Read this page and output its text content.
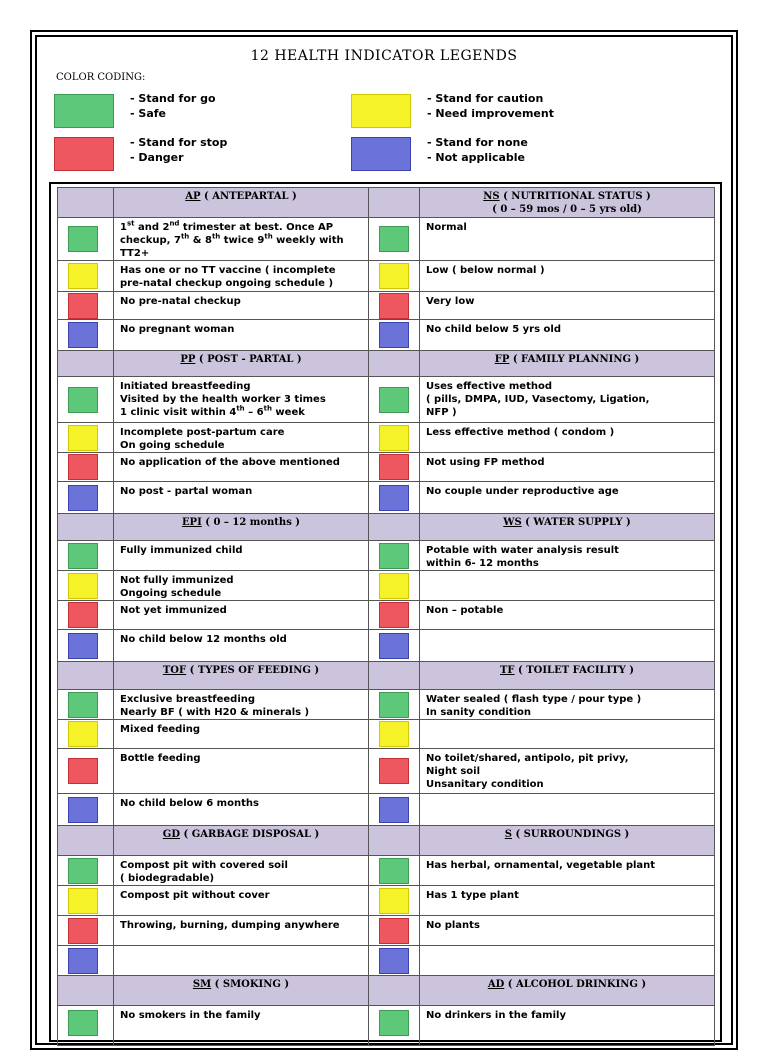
12 HEALTH INDICATOR LEGENDS
COLOR CODING:
- Stand for go
- Safe
- Stand for caution
- Need improvement
- Stand for stop
- Danger
- Stand for none
- Not applicable
	AP ( ANTEPARTAL )		NS ( NUTRITIONAL STATUS )
( 0 – 59 mos / 0 – 5 yrs old)

	1st and 2nd trimester at best. Once AP
checkup, 7th & 8th twice 9th weekly with TT2+		Normal

	Has one or no TT vaccine ( incomplete
pre-natal checkup ongoing schedule )		Low ( below normal )

	No pre-natal checkup		Very low

	No pregnant woman		No child below 5 yrs old
	PP ( POST - PARTAL )		FP ( FAMILY PLANNING )

	Initiated breastfeeding
Visited by the health worker 3 times
1 clinic visit within 4th – 6th week		Uses effective method
( pills, DMPA, IUD, Vasectomy, Ligation,
NFP )

	Incomplete post-partum care
On going schedule		Less effective method ( condom )

	No application of the above mentioned		Not using FP method

	No post - partal woman		No couple under reproductive age
	EPI ( 0 – 12 months )		WS ( WATER SUPPLY )

	Fully immunized child		Potable with water analysis result
within 6- 12 months

	Not fully immunized
Ongoing schedule	

	Not yet immunized		Non – potable

	No child below 12 months old	

	TOF ( TYPES OF FEEDING )		TF ( TOILET FACILITY )

	Exclusive breastfeeding
Nearly BF ( with H20 & minerals )		Water sealed ( flash type / pour type )
In sanity condition

	Mixed feeding	

	Bottle feeding		No toilet/shared, antipolo, pit privy,
Night soil
Unsanitary condition

	No child below 6 months	

	GD ( GARBAGE DISPOSAL )		S ( SURROUNDINGS )

	Compost pit with covered soil
( biodegradable)		Has herbal, ornamental, vegetable plant

	Compost pit without cover		Has 1 type plant

	Throwing, burning, dumping anywhere		No plants

	SM ( SMOKING )		AD ( ALCOHOL DRINKING )

	No smokers in the family		No drinkers in the family
